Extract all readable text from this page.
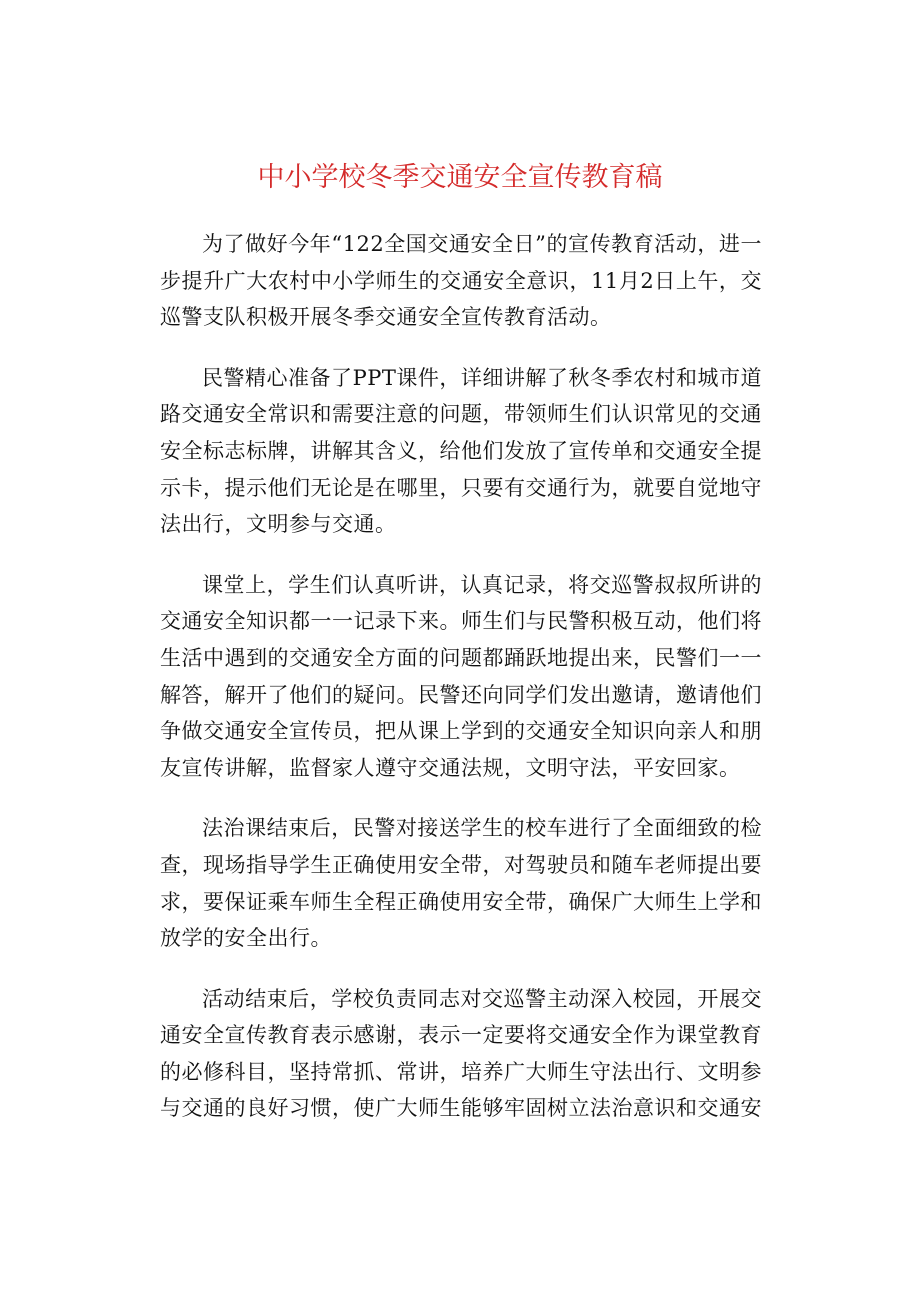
中小学校冬季交通安全宣传教育稿

为了做好今年“122全国交通安全日”的宣传教育活动，进一步提升广大农村中小学师生的交通安全意识，11月2日上午，交巡警支队积极开展冬季交通安全宣传教育活动。

民警精心准备了PPT课件，详细讲解了秋冬季农村和城市道路交通安全常识和需要注意的问题，带领师生们认识常见的交通安全标志标牌，讲解其含义，给他们发放了宣传单和交通安全提示卡，提示他们无论是在哪里，只要有交通行为，就要自觉地守法出行，文明参与交通。

课堂上，学生们认真听讲，认真记录，将交巡警叔叔所讲的交通安全知识都一一记录下来。师生们与民警积极互动，他们将生活中遇到的交通安全方面的问题都踊跃地提出来，民警们一一解答，解开了他们的疑问。民警还向同学们发出邀请，邀请他们争做交通安全宣传员，把从课上学到的交通安全知识向亲人和朋友宣传讲解，监督家人遵守交通法规，文明守法，平安回家。

法治课结束后，民警对接送学生的校车进行了全面细致的检查，现场指导学生正确使用安全带，对驾驶员和随车老师提出要求，要保证乘车师生全程正确使用安全带，确保广大师生上学和放学的安全出行。

活动结束后，学校负责同志对交巡警主动深入校园，开展交通安全宣传教育表示感谢，表示一定要将交通安全作为课堂教育的必修科目，坚持常抓、常讲，培养广大师生守法出行、文明参与交通的良好习惯，使广大师生能够牢固树立法治意识和交通安
